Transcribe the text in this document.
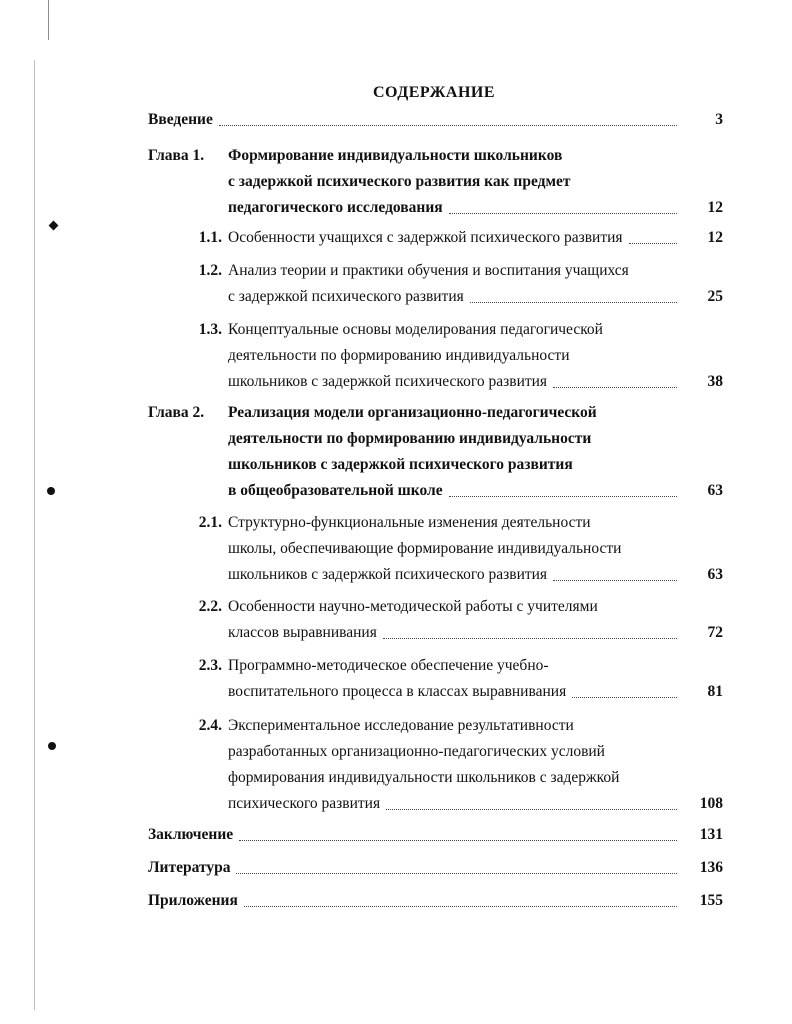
СОДЕРЖАНИЕ
Введение	3
Глава 1.	Формирование индивидуальности школьников
с задержкой психического развития как предмет
педагогического исследования	12
1.1. Особенности учащихся с задержкой психического развития	12
1.2. Анализ теории и практики обучения и воспитания учащихся
с задержкой психического развития	25
1.3. Концептуальные основы моделирования педагогической
деятельности по формированию индивидуальности
школьников с задержкой психического развития	38
Глава 2.	Реализация модели организационно-педагогической
деятельности по формированию индивидуальности
школьников с задержкой психического развития
в общеобразовательной школе	63
2.1. Структурно-функциональные изменения деятельности
школы, обеспечивающие формирование индивидуальности
школьников с задержкой психического развития	63
2.2. Особенности научно-методической работы с учителями
классов выравнивания	72
2.3. Программно-методическое обеспечение учебно-
воспитательного процесса в классах выравнивания	81
2.4. Экспериментальное исследование результативности
разработанных организационно-педагогических условий
формирования индивидуальности школьников с задержкой
психического развития	108
Заключение	131
Литература	136
Приложения	155
